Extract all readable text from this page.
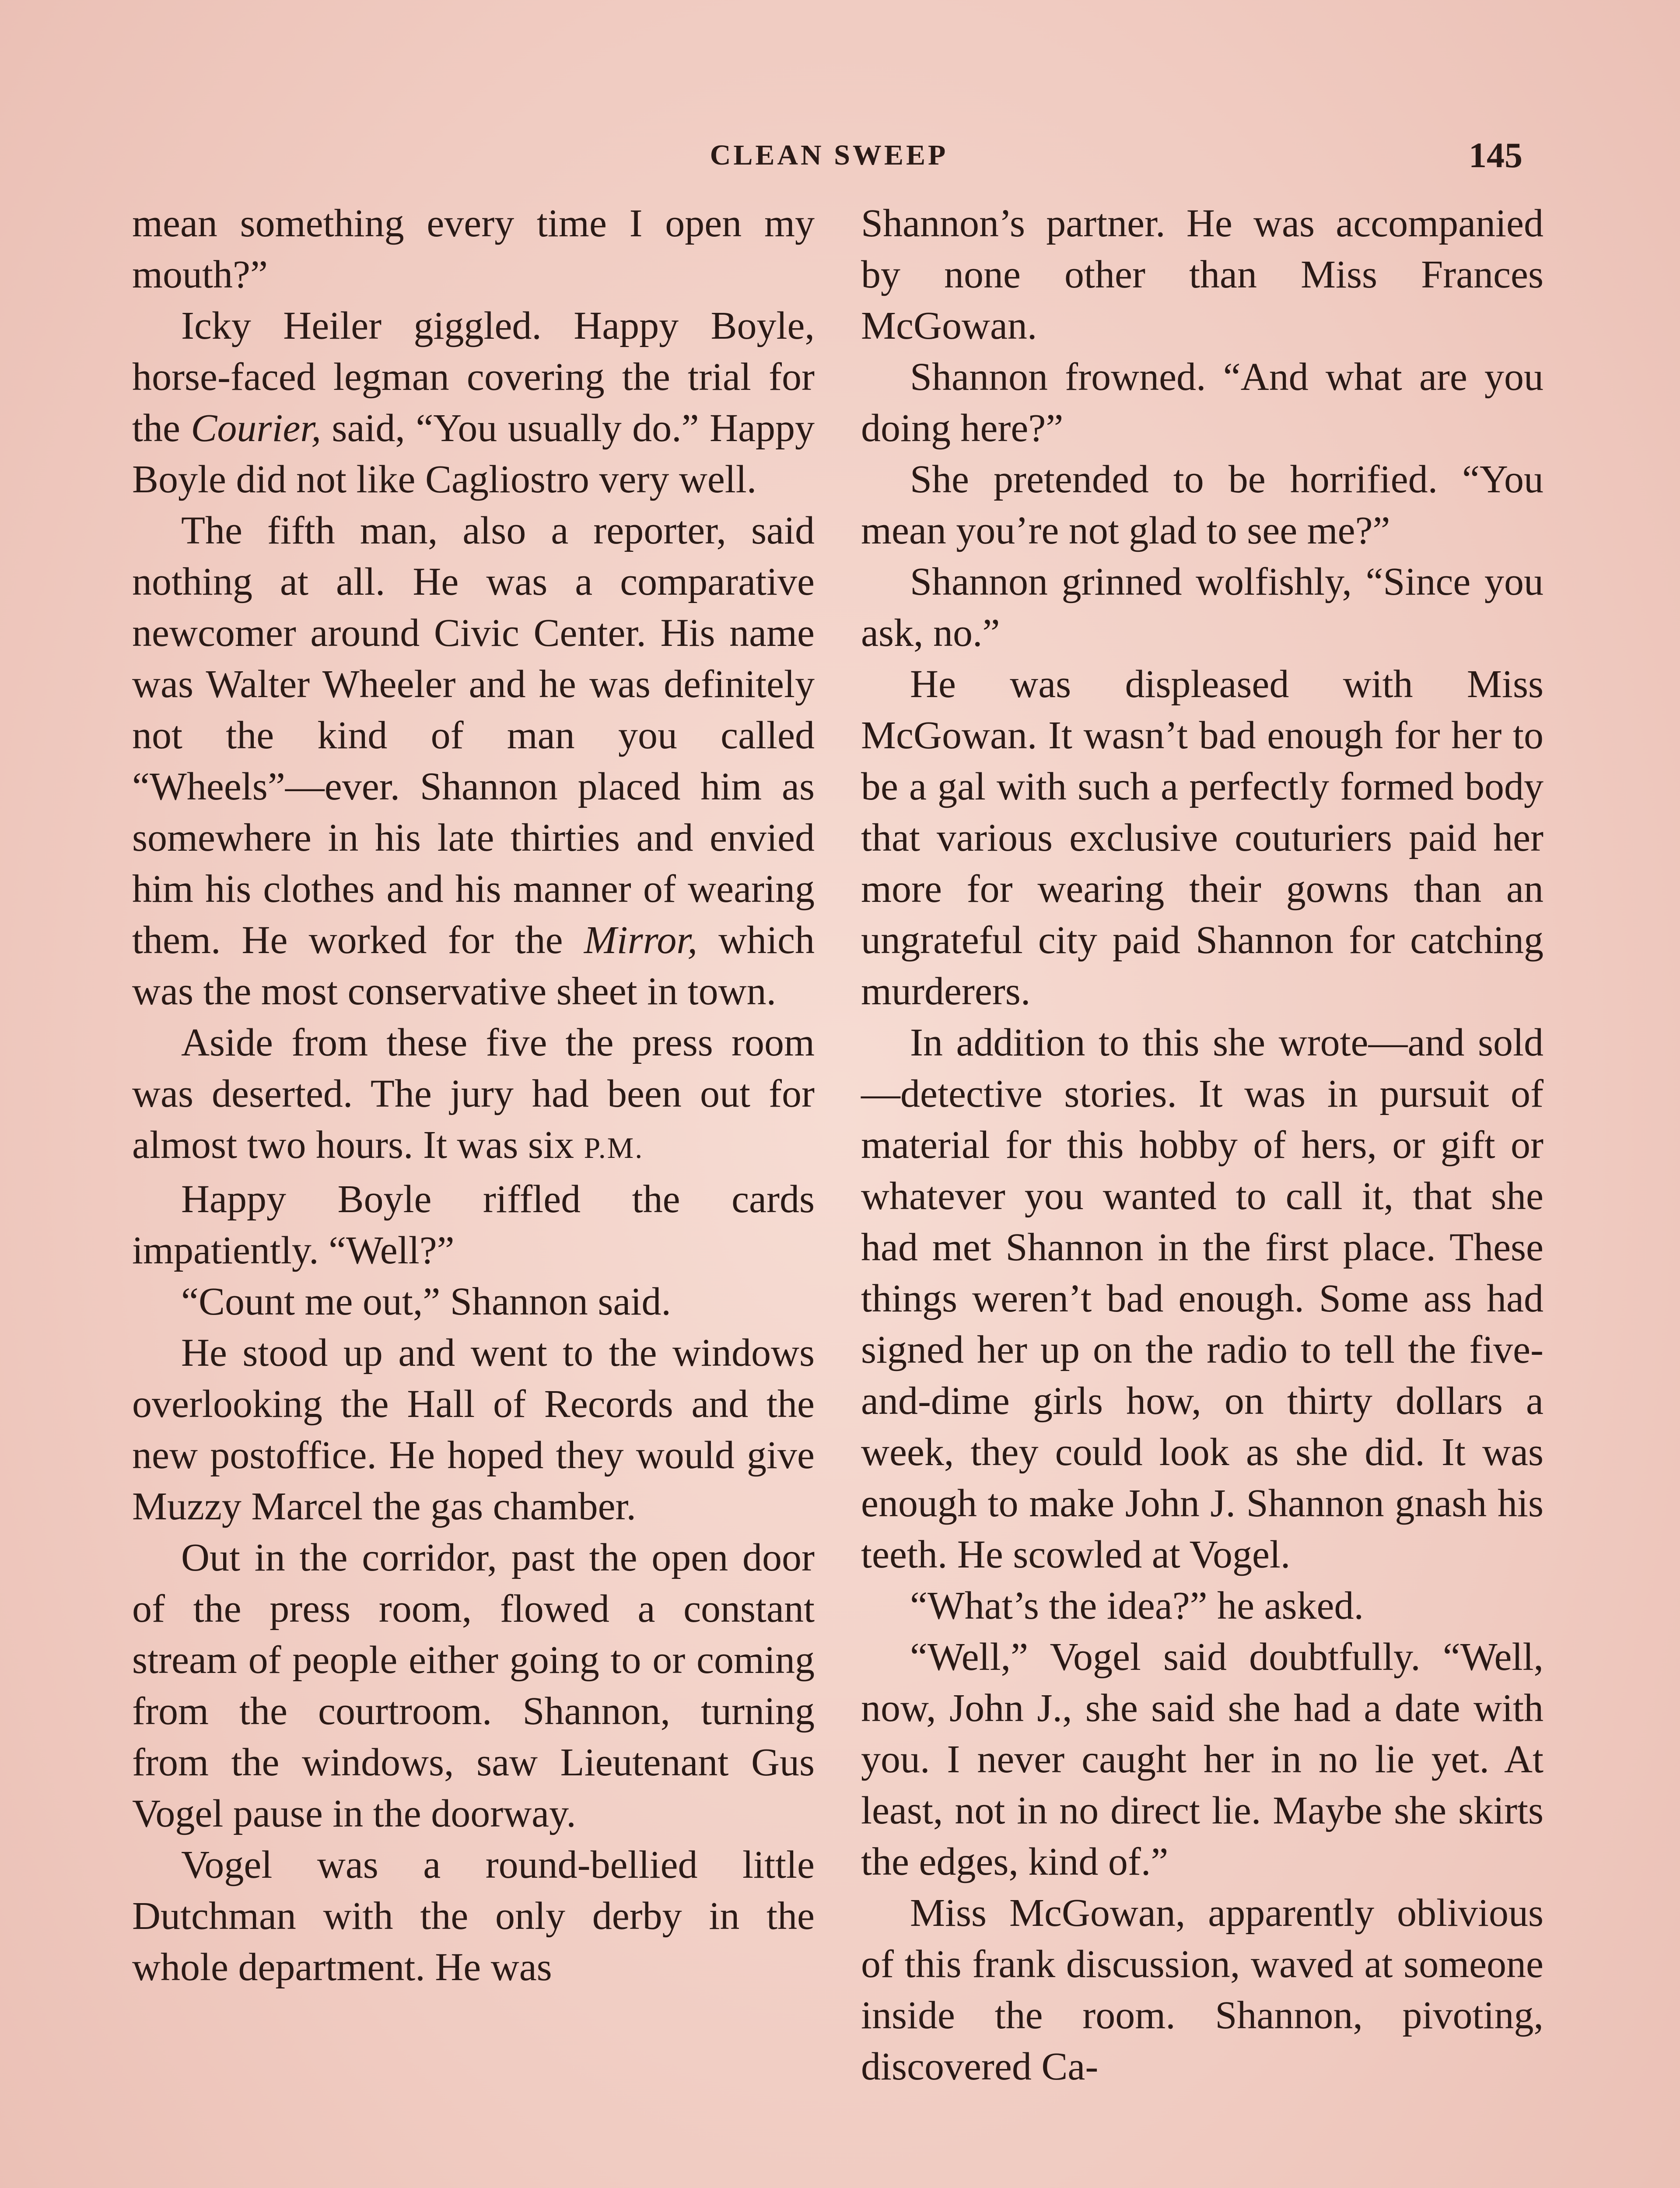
CLEAN SWEEP	145

mean something every time I open my mouth?”

Icky Heiler giggled. Happy Boyle, horse-faced legman covering the trial for the Courier, said, “You usually do.” Happy Boyle did not like Cagliostro very well.

The fifth man, also a reporter, said nothing at all. He was a comparative newcomer around Civic Center. His name was Walter Wheeler and he was definitely not the kind of man you called “Wheels”—ever. Shannon placed him as somewhere in his late thirties and envied him his clothes and his manner of wearing them. He worked for the Mirror, which was the most conservative sheet in town.

Aside from these five the press room was deserted. The jury had been out for almost two hours. It was six P.M.

Happy Boyle riffled the cards impatiently. “Well?”

“Count me out,” Shannon said.

He stood up and went to the windows overlooking the Hall of Records and the new postoffice. He hoped they would give Muzzy Marcel the gas chamber.

Out in the corridor, past the open door of the press room, flowed a constant stream of people either going to or coming from the courtroom. Shannon, turning from the windows, saw Lieutenant Gus Vogel pause in the doorway.

Vogel was a round-bellied little Dutchman with the only derby in the whole department. He was

Shannon’s partner. He was accompanied by none other than Miss Frances McGowan.

Shannon frowned. “And what are you doing here?”

She pretended to be horrified. “You mean you’re not glad to see me?”

Shannon grinned wolfishly, “Since you ask, no.”

He was displeased with Miss McGowan. It wasn’t bad enough for her to be a gal with such a perfectly formed body that various exclusive couturiers paid her more for wearing their gowns than an ungrateful city paid Shannon for catching murderers.

In addition to this she wrote—and sold—detective stories. It was in pursuit of material for this hobby of hers, or gift or whatever you wanted to call it, that she had met Shannon in the first place. These things weren’t bad enough. Some ass had signed her up on the radio to tell the five-and-dime girls how, on thirty dollars a week, they could look as she did. It was enough to make John J. Shannon gnash his teeth. He scowled at Vogel.

“What’s the idea?” he asked.

“Well,” Vogel said doubtfully. “Well, now, John J., she said she had a date with you. I never caught her in no lie yet. At least, not in no direct lie. Maybe she skirts the edges, kind of.”

Miss McGowan, apparently oblivious of this frank discussion, waved at someone inside the room. Shannon, pivoting, discovered Ca-
